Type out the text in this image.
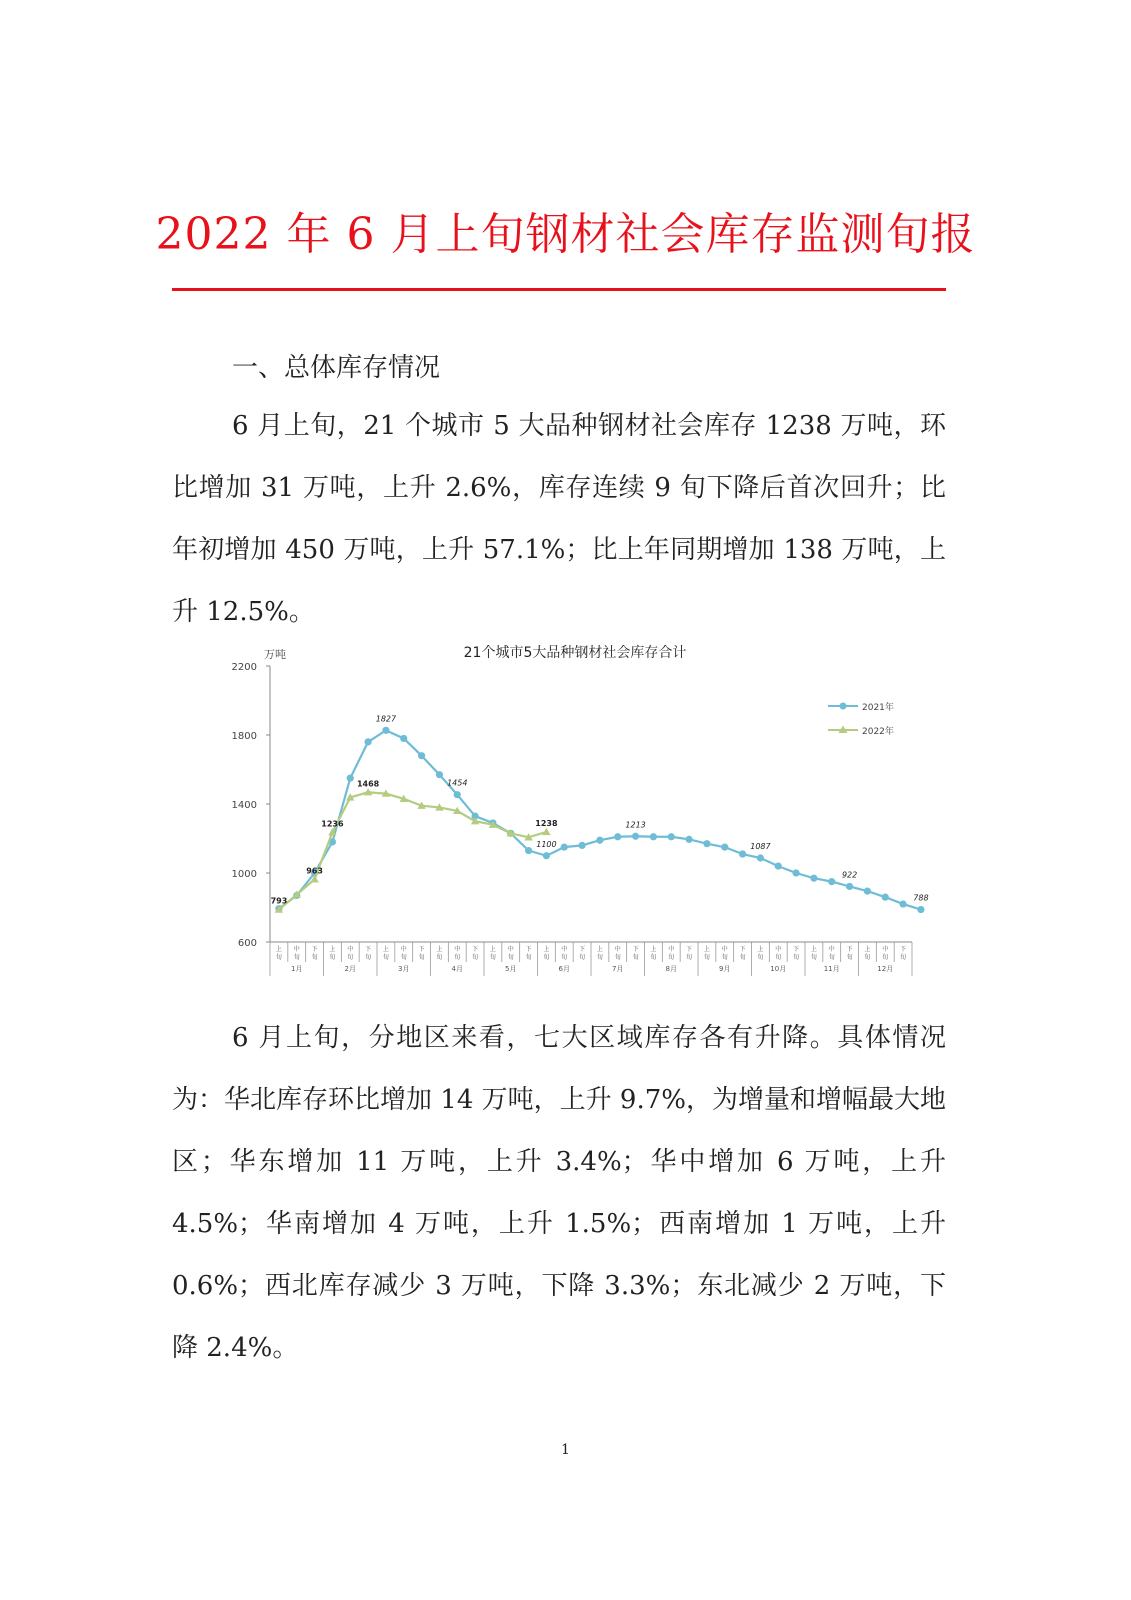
2022 年 6 月上旬钢材社会库存监测旬报
一、总体库存情况

6 月上旬，21 个城市 5 大品种钢材社会库存 1238 万吨，环比增加 31 万吨，上升 2.6%，库存连续 9 旬下降后首次回升；比年初增加 450 万吨，上升 57.1%；比上年同期增加 138 万吨，上升 12.5%。

21个城市5大品种钢材社会库存合计
万吨
600
1000
1400
1800
2200
上
旬
中
旬
下
旬
上
旬
中
旬
下
旬
上
旬
中
旬
下
旬
上
旬
中
旬
下
旬
上
旬
中
旬
下
旬
上
旬
中
旬
下
旬
上
旬
中
旬
下
旬
上
旬
中
旬
下
旬
上
旬
中
旬
下
旬
上
旬
中
旬
下
旬
上
旬
中
旬
下
旬
上
旬
中
旬
下
旬
1月	2月	3月	4月	5月	6月	7月	8月	9月	10月	11月	12月
1827
1454
1100
1213
1087
922
788
793
963
1236
1468
1238
2021年
2022年

6 月上旬，分地区来看，七大区域库存各有升降。具体情况为：华北库存环比增加 14 万吨，上升 9.7%，为增量和增幅最大地区；华东增加 11 万吨，上升 3.4%；华中增加 6 万吨，上升 4.5%；华南增加 4 万吨，上升 1.5%；西南增加 1 万吨，上升 0.6%；西北库存减少 3 万吨，下降 3.3%；东北减少 2 万吨，下降 2.4%。

1
